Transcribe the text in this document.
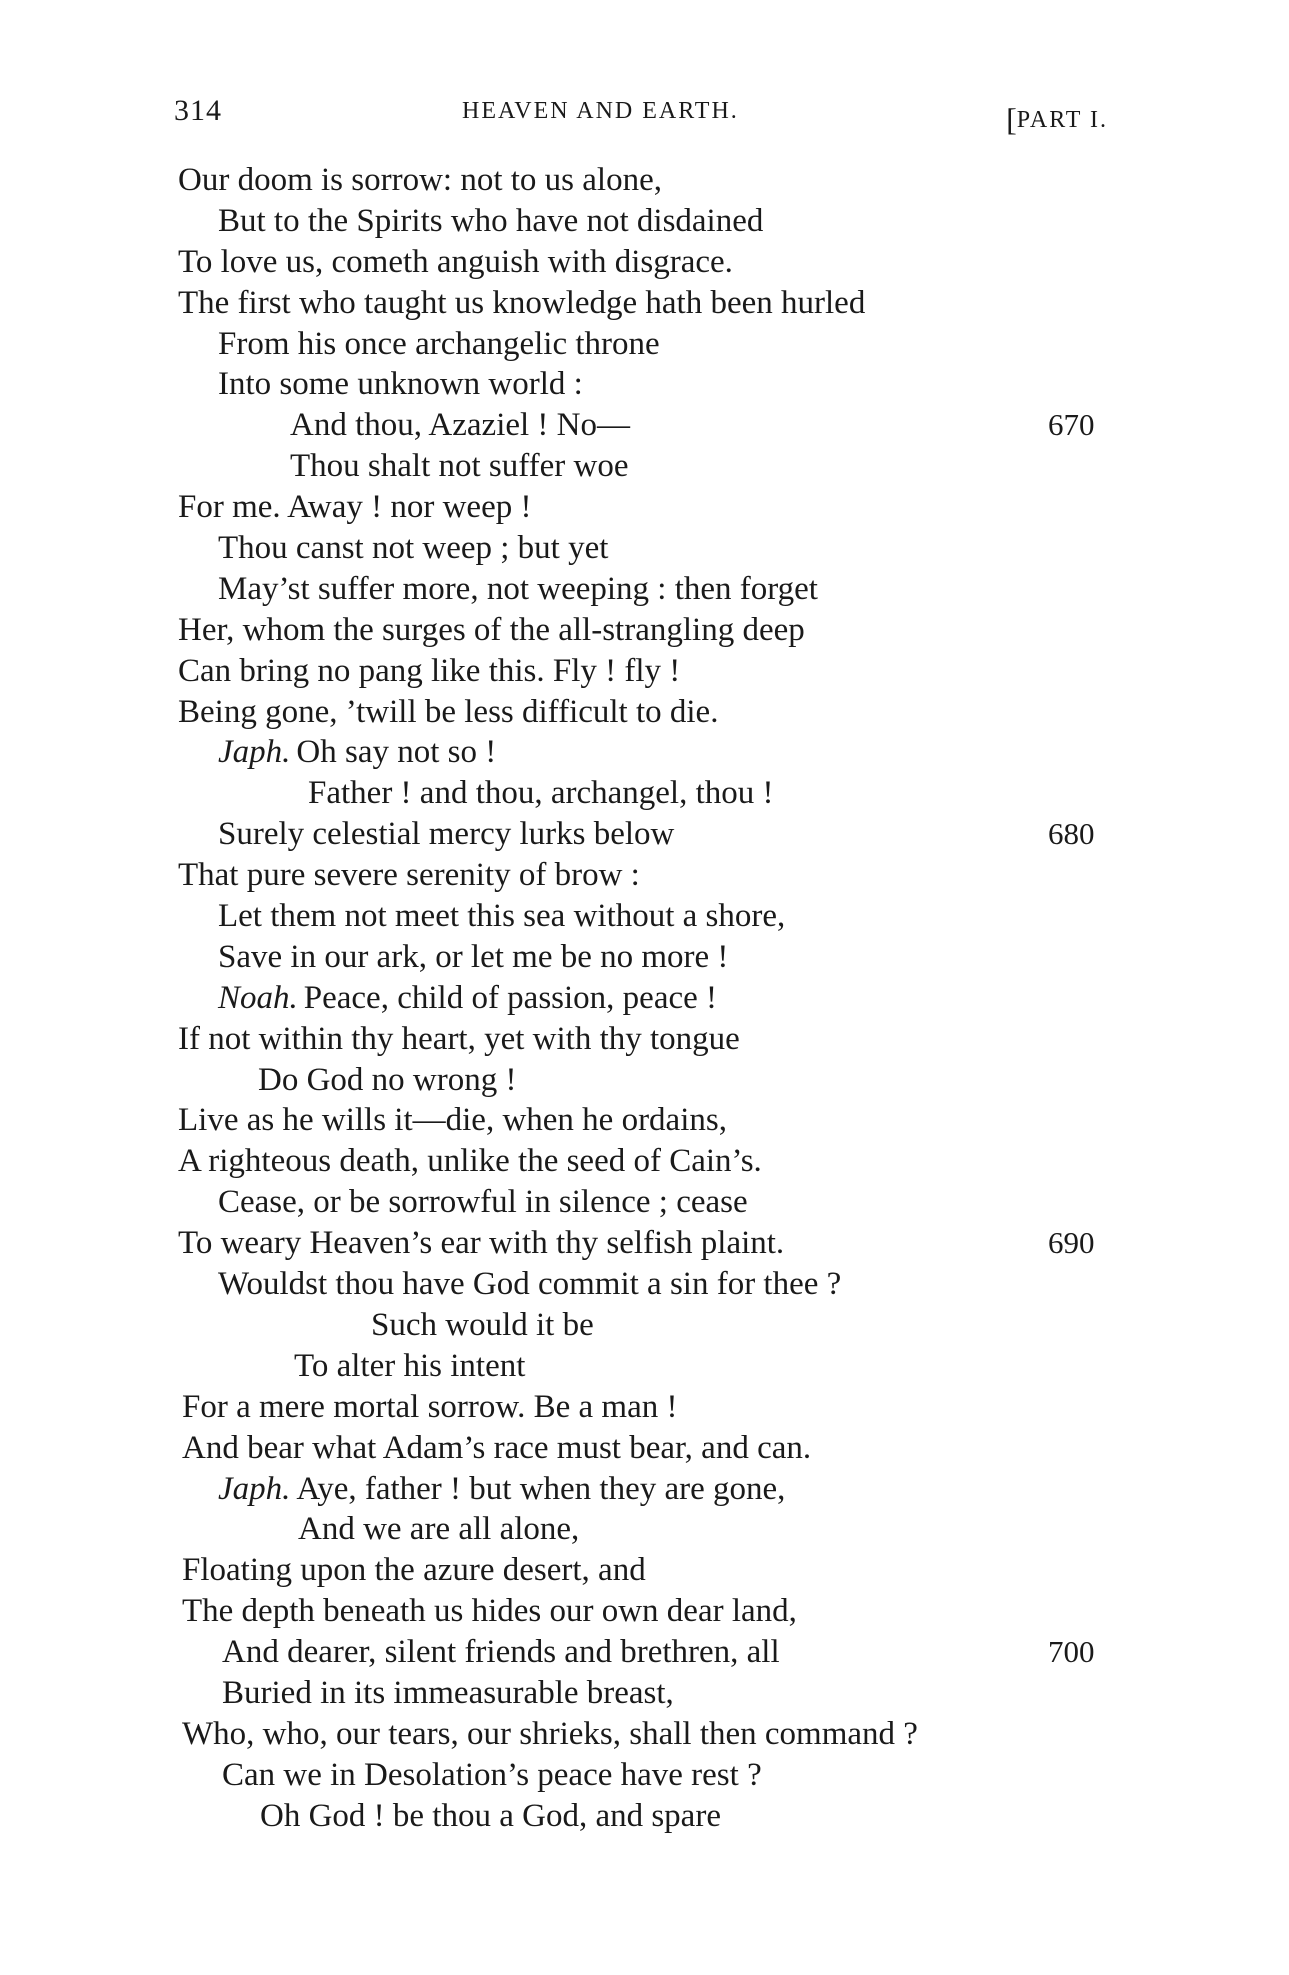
314	HEAVEN AND EARTH.	[PART I.
Our doom is sorrow: not to us alone,
But to the Spirits who have not disdained
To love us, cometh anguish with disgrace.
The first who taught us knowledge hath been hurled
From his once archangelic throne
Into some unknown world :
And thou, Azaziel ! No—	670
Thou shalt not suffer woe
For me. Away ! nor weep !
Thou canst not weep ; but yet
May’st suffer more, not weeping : then forget
Her, whom the surges of the all-strangling deep
Can bring no pang like this. Fly ! fly !
Being gone, ’twill be less difficult to die.
Japh. Oh say not so !
Father ! and thou, archangel, thou !
Surely celestial mercy lurks below	680
That pure severe serenity of brow :
Let them not meet this sea without a shore,
Save in our ark, or let me be no more !
Noah. Peace, child of passion, peace !
If not within thy heart, yet with thy tongue
Do God no wrong !
Live as he wills it—die, when he ordains,
A righteous death, unlike the seed of Cain’s.
Cease, or be sorrowful in silence ; cease
To weary Heaven’s ear with thy selfish plaint.	690
Wouldst thou have God commit a sin for thee ?
Such would it be
To alter his intent
For a mere mortal sorrow. Be a man !
And bear what Adam’s race must bear, and can.
Japh. Aye, father ! but when they are gone,
And we are all alone,
Floating upon the azure desert, and
The depth beneath us hides our own dear land,
And dearer, silent friends and brethren, all	700
Buried in its immeasurable breast,
Who, who, our tears, our shrieks, shall then command ?
Can we in Desolation’s peace have rest ?
Oh God ! be thou a God, and spare
